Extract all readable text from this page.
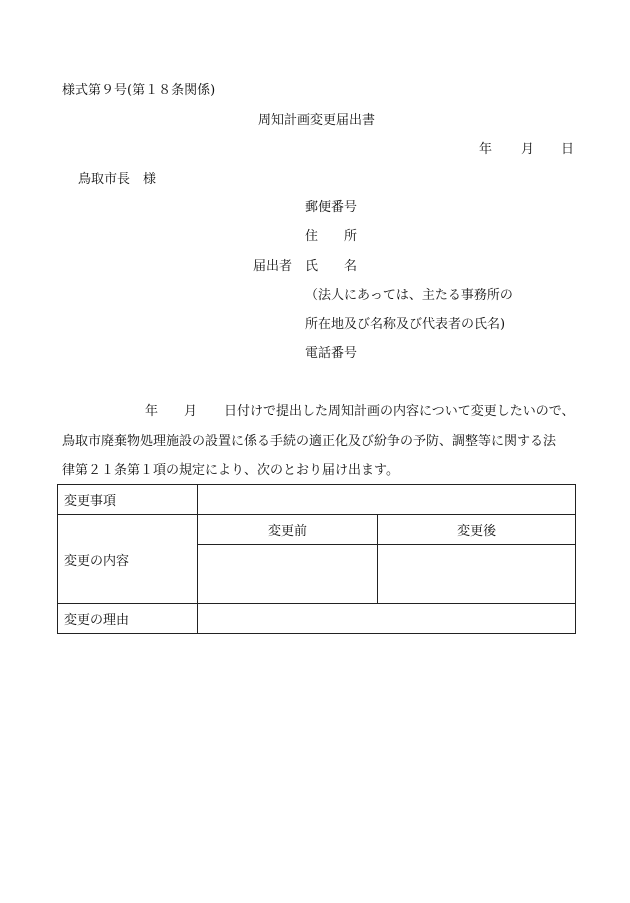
様式第９号(第１８条関係)
周知計画変更届出書
年 月 日
鳥取市長　様
郵便番号
住 所
届出者 氏 名
（法人にあっては、主たる事務所の
所在地及び名称及び代表者の氏名)
電話番号
年 月 日付けで提出した周知計画の内容について変更したいので、
鳥取市廃棄物処理施設の設置に係る手続の適正化及び紛争の予防、調整等に関する法
律第２１条第１項の規定により、次のとおり届け出ます。
変更事項		
変更の内容	変更前	変更後

変更の理由		
